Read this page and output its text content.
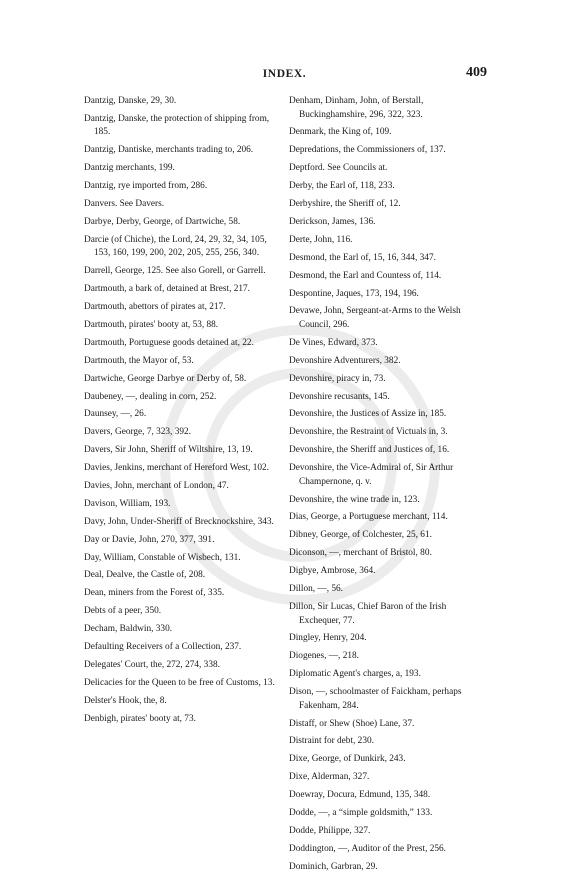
INDEX.	409
Dantzig, Danske, 29, 30.
Dantzig, Danske, the protection of shipping from, 185.
Dantzig, Dantiske, merchants trading to, 206.
Dantzig merchants, 199.
Dantzig, rye imported from, 286.
Danvers. See Davers.
Darbye, Derby, George, of Dartwiche, 58.
Darcie (of Chiche), the Lord, 24, 29, 32, 34, 105, 153, 160, 199, 200, 202, 205, 255, 256, 340.
Darrell, George, 125. See also Gorell, or Garrell.
Dartmouth, a bark of, detained at Brest, 217.
Dartmouth, abettors of pirates at, 217.
Dartmouth, pirates' booty at, 53, 88.
Dartmouth, Portuguese goods detained at, 22.
Dartmouth, the Mayor of, 53.
Dartwiche, George Darbye or Derby of, 58.
Daubeney, —, dealing in corn, 252.
Daunsey, —, 26.
Davers, George, 7, 323, 392.
Davers, Sir John, Sheriff of Wiltshire, 13, 19.
Davies, Jenkins, merchant of Hereford West, 102.
Davies, John, merchant of London, 47.
Davison, William, 193.
Davy, John, Under-Sheriff of Brecknockshire, 343.
Day or Davie, John, 270, 377, 391.
Day, William, Constable of Wisbech, 131.
Deal, Dealve, the Castle of, 208.
Dean, miners from the Forest of, 335.
Debts of a peer, 350.
Decham, Baldwin, 330.
Defaulting Receivers of a Collection, 237.
Delegates' Court, the, 272, 274, 338.
Delicacies for the Queen to be free of Customs, 13.
Delster's Hook, the, 8.
Denbigh, pirates' booty at, 73.
Denham, Dinham, John, of Berstall, Buckinghamshire, 296, 322, 323.
Denmark, the King of, 109.
Depredations, the Commissioners of, 137.
Deptford. See Councils at.
Derby, the Earl of, 118, 233.
Derbyshire, the Sheriff of, 12.
Derickson, James, 136.
Derte, John, 116.
Desmond, the Earl of, 15, 16, 344, 347.
Desmond, the Earl and Countess of, 114.
Despontine, Jaques, 173, 194, 196.
Devawe, John, Sergeant-at-Arms to the Welsh Council, 296.
De Vines, Edward, 373.
Devonshire Adventurers, 382.
Devonshire, piracy in, 73.
Devonshire recusants, 145.
Devonshire, the Justices of Assize in, 185.
Devonshire, the Restraint of Victuals in, 3.
Devonshire, the Sheriff and Justices of, 16.
Devonshire, the Vice-Admiral of, Sir Arthur Champernone, q. v.
Devonshire, the wine trade in, 123.
Dias, George, a Portuguese merchant, 114.
Dibney, George, of Colchester, 25, 61.
Diconson, —, merchant of Bristol, 80.
Digbye, Ambrose, 364.
Dillon, —, 56.
Dillon, Sir Lucas, Chief Baron of the Irish Exchequer, 77.
Dingley, Henry, 204.
Diogenes, —, 218.
Diplomatic Agent's charges, a, 193.
Dison, —, schoolmaster of Faickham, perhaps Fakenham, 284.
Distaff, or Shew (Shoe) Lane, 37.
Distraint for debt, 230.
Dixe, George, of Dunkirk, 243.
Dixe, Alderman, 327.
Doewray, Docura, Edmund, 135, 348.
Dodde, —, a “simple goldsmith,” 133.
Dodde, Philippe, 327.
Doddington, —, Auditor of the Prest, 256.
Dominich, Garbran, 29.
